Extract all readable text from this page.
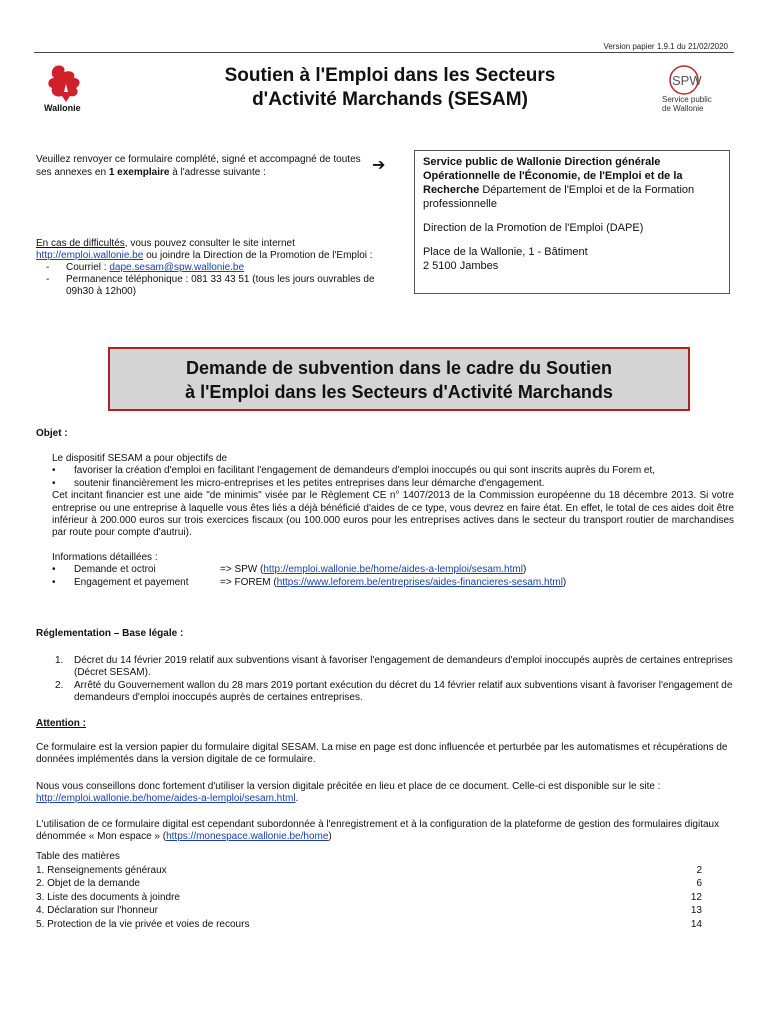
Version papier 1.9.1 du 21/02/2020
Wallonie
Soutien à l'Emploi dans les Secteurs
d'Activité Marchands (SESAM)
SPW
Service public
de Wallonie
Veuillez renvoyer ce formulaire complété, signé et accompagné de toutes ses annexes en 1 exemplaire à l'adresse suivante :	➔	Service public de Wallonie Direction générale Opérationnelle de l'Économie, de l'Emploi et de la Recherche Département de l'Emploi et de la Formation professionnelle

Direction de la Promotion de l'Emploi (DAPE)

Place de la Wallonie, 1 - Bâtiment

2 5100 Jambes

En cas de difficultés, vous pouvez consulter le site internet http://emploi.wallonie.be ou joindre la Direction de la Promotion de l'Emploi :
- Courriel : dape.sesam@spw.wallonie.be
- Permanence téléphonique : 081 33 43 51 (tous les jours ouvrables de 09h30 à 12h00)
Demande de subvention dans le cadre du Soutien
à l'Emploi dans les Secteurs d'Activité Marchands
Objet :

Le dispositif SESAM a pour objectifs de

• favoriser la création d'emploi en facilitant l'engagement de demandeurs d'emploi inoccupés ou qui sont inscrits auprès du Forem et,

• soutenir financièrement les micro-entreprises et les petites entreprises dans leur démarche d'engagement.

Cet incitant financier est une aide "de minimis" visée par le Règlement CE n° 1407/2013 de la Commission européenne du 18 décembre 2013. Si votre entreprise ou une entreprise à laquelle vous êtes liés a déjà bénéficié d'aides de ce type, vous devrez en faire état. En effet, le total de ces aides doit être inférieur à 200.000 euros sur trois exercices fiscaux (ou 100.000 euros pour les entreprises actives dans le secteur du transport routier de marchandises par route pour compte d'autrui).

Informations détaillées :

• Demande et octroi	=> SPW (http://emploi.wallonie.be/home/aides-a-lemploi/sesam.html)

• Engagement et payement	=> FOREM (https://www.leforem.be/entreprises/aides-financieres-sesam.html)

Réglementation – Base légale :

1. Décret du 14 février 2019 relatif aux subventions visant à favoriser l'engagement de demandeurs d'emploi inoccupés auprès de certaines entreprises (Décret SESAM).

2. Arrêté du Gouvernement wallon du 28 mars 2019 portant exécution du décret du 14 février relatif aux subventions visant à favoriser l'engagement de demandeurs d'emploi inoccupés auprès de certaines entreprises.

Attention :
Ce formulaire est la version papier du formulaire digital SESAM. La mise en page est donc influencée et perturbée par les automatismes et récupérations de données implémentés dans la version digitale de ce formulaire.
Nous vous conseillons donc fortement d'utiliser la version digitale précitée en lieu et place de ce document. Celle-ci est disponible sur le site : http://emploi.wallonie.be/home/aides-a-lemploi/sesam.html.
L'utilisation de ce formulaire digital est cependant subordonnée à l'enregistrement et à la configuration de la plateforme de gestion des formulaires digitaux dénommée « Mon espace » (https://monespace.wallonie.be/home)
Table des matières
1. Renseignements généraux	2
2. Objet de la demande	6
3. Liste des documents à joindre	12
4. Déclaration sur l'honneur	13
5. Protection de la vie privée et voies de recours	14
